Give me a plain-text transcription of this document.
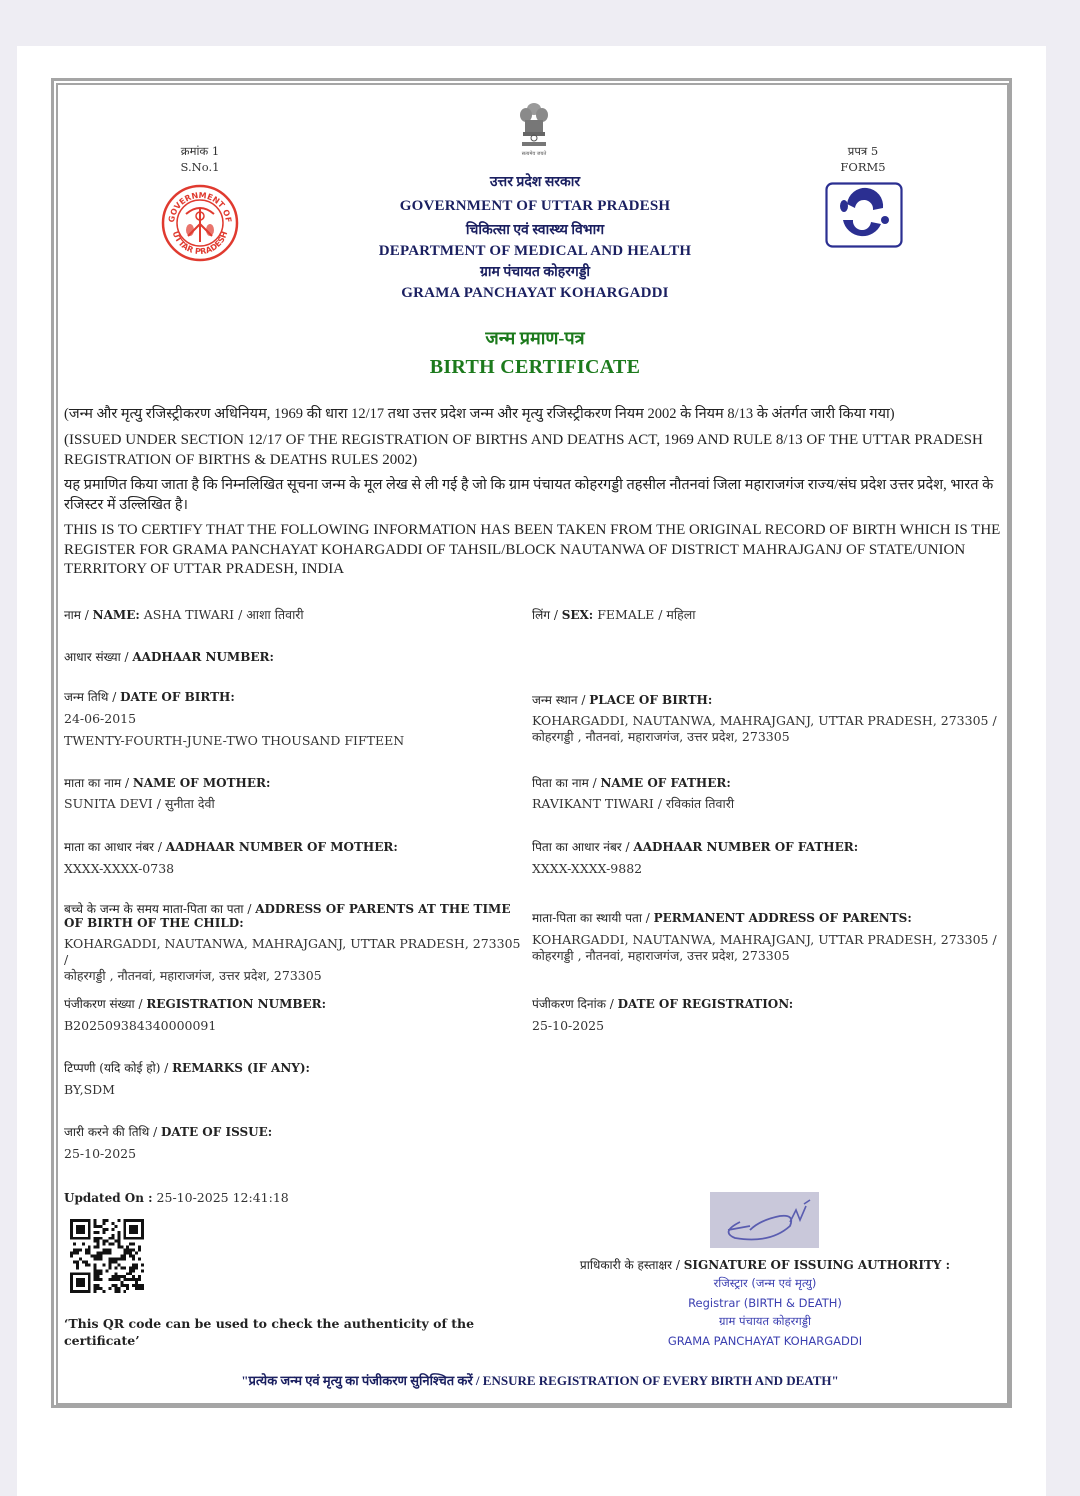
क्रमांक 1
S.No.1
GOVERNMENT OF
UTTAR PRADESH
सत्यमेव जयते
उत्तर प्रदेश सरकार
GOVERNMENT OF UTTAR PRADESH
चिकित्सा एवं स्वास्थ्य विभाग
DEPARTMENT OF MEDICAL AND HEALTH
ग्राम पंचायत कोहरगड्डी
GRAMA PANCHAYAT KOHARGADDI
प्रपत्र 5
FORM5
जन्म प्रमाण-पत्र
BIRTH CERTIFICATE
(जन्म और मृत्यु रजिस्ट्रीकरण अधिनियम, 1969 की धारा 12/17 तथा उत्तर प्रदेश जन्म और मृत्यु रजिस्ट्रीकरण नियम 2002 के नियम 8/13 के अंतर्गत जारी किया गया)
(ISSUED UNDER SECTION 12/17 OF THE REGISTRATION OF BIRTHS AND DEATHS ACT, 1969 AND RULE 8/13 OF THE UTTAR PRADESH REGISTRATION OF BIRTHS & DEATHS RULES 2002)
यह प्रमाणित किया जाता है कि निम्नलिखित सूचना जन्म के मूल लेख से ली गई है जो कि ग्राम पंचायत कोहरगड्डी तहसील नौतनवां जिला महाराजगंज राज्य/संघ प्रदेश उत्तर प्रदेश, भारत के रजिस्टर में उल्लिखित है।
THIS IS TO CERTIFY THAT THE FOLLOWING INFORMATION HAS BEEN TAKEN FROM THE ORIGINAL RECORD OF BIRTH WHICH IS THE REGISTER FOR GRAMA PANCHAYAT KOHARGADDI OF TAHSIL/BLOCK NAUTANWA OF DISTRICT MAHRAJGANJ OF STATE/UNION TERRITORY OF UTTAR PRADESH, INDIA
नाम / NAME: ASHA TIWARI / आशा तिवारी	लिंग / SEX: FEMALE / महिला
आधार संख्या / AADHAAR NUMBER:
जन्म तिथि / DATE OF BIRTH:
24-06-2015
TWENTY-FOURTH-JUNE-TWO THOUSAND FIFTEEN
जन्म स्थान / PLACE OF BIRTH:
KOHARGADDI, NAUTANWA, MAHRAJGANJ, UTTAR PRADESH, 273305 /
कोहरगड्डी , नौतनवां, महाराजगंज, उत्तर प्रदेश, 273305
माता का नाम / NAME OF MOTHER:
SUNITA DEVI / सुनीता देवी
पिता का नाम / NAME OF FATHER:
RAVIKANT TIWARI / रविकांत तिवारी
माता का आधार नंबर / AADHAAR NUMBER OF MOTHER:
XXXX-XXXX-0738
पिता का आधार नंबर / AADHAAR NUMBER OF FATHER:
XXXX-XXXX-9882
बच्चे के जन्म के समय माता-पिता का पता / ADDRESS OF PARENTS AT THE TIME OF BIRTH OF THE CHILD:
KOHARGADDI, NAUTANWA, MAHRAJGANJ, UTTAR PRADESH, 273305 /
कोहरगड्डी , नौतनवां, महाराजगंज, उत्तर प्रदेश, 273305
माता-पिता का स्थायी पता / PERMANENT ADDRESS OF PARENTS:
KOHARGADDI, NAUTANWA, MAHRAJGANJ, UTTAR PRADESH, 273305 /
कोहरगड्डी , नौतनवां, महाराजगंज, उत्तर प्रदेश, 273305
पंजीकरण संख्या / REGISTRATION NUMBER:
B202509384340000091
पंजीकरण दिनांक / DATE OF REGISTRATION:
25-10-2025
टिप्पणी (यदि कोई हो) / REMARKS (IF ANY):
BY,SDM
जारी करने की तिथि / DATE OF ISSUE:
25-10-2025
Updated On : 25-10-2025 12:41:18
‘This QR code can be used to check the authenticity of the certificate’
प्राधिकारी के हस्ताक्षर / SIGNATURE OF ISSUING AUTHORITY :
रजिस्ट्रार (जन्म एवं मृत्यु)
Registrar (BIRTH & DEATH)
ग्राम पंचायत कोहरगड्डी
GRAMA PANCHAYAT KOHARGADDI
"प्रत्येक जन्म एवं मृत्यु का पंजीकरण सुनिश्चित करें / ENSURE REGISTRATION OF EVERY BIRTH AND DEATH"
